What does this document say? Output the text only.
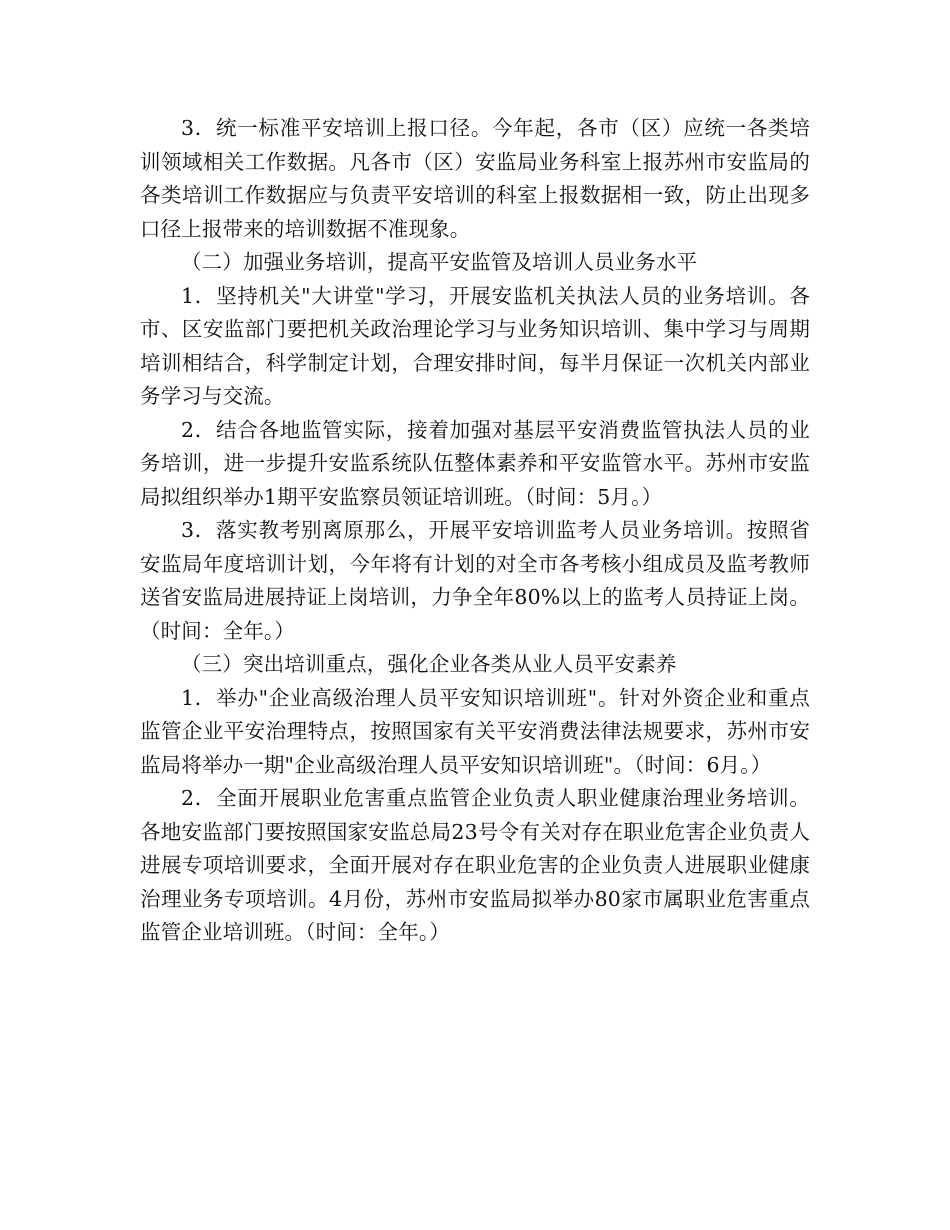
3．统一标准平安培训上报口径。今年起，各市（区）应统一各类培训领域相关工作数据。凡各市（区）安监局业务科室上报苏州市安监局的各类培训工作数据应与负责平安培训的科室上报数据相一致，防止出现多口径上报带来的培训数据不准现象。

（二）加强业务培训，提高平安监管及培训人员业务水平

1．坚持机关"大讲堂"学习，开展安监机关执法人员的业务培训。各市、区安监部门要把机关政治理论学习与业务知识培训、集中学习与周期培训相结合，科学制定计划，合理安排时间，每半月保证一次机关内部业务学习与交流。

2．结合各地监管实际，接着加强对基层平安消费监管执法人员的业务培训，进一步提升安监系统队伍整体素养和平安监管水平。苏州市安监局拟组织举办1期平安监察员领证培训班。（时间：5月。）

3．落实教考别离原那么，开展平安培训监考人员业务培训。按照省安监局年度培训计划，今年将有计划的对全市各考核小组成员及监考教师送省安监局进展持证上岗培训，力争全年80%以上的监考人员持证上岗。（时间：全年。）

（三）突出培训重点，强化企业各类从业人员平安素养

1．举办"企业高级治理人员平安知识培训班"。针对外资企业和重点监管企业平安治理特点，按照国家有关平安消费法律法规要求，苏州市安监局将举办一期"企业高级治理人员平安知识培训班"。（时间：6月。）

2．全面开展职业危害重点监管企业负责人职业健康治理业务培训。各地安监部门要按照国家安监总局23号令有关对存在职业危害企业负责人进展专项培训要求，全面开展对存在职业危害的企业负责人进展职业健康治理业务专项培训。4月份，苏州市安监局拟举办80家市属职业危害重点监管企业培训班。（时间：全年。）
